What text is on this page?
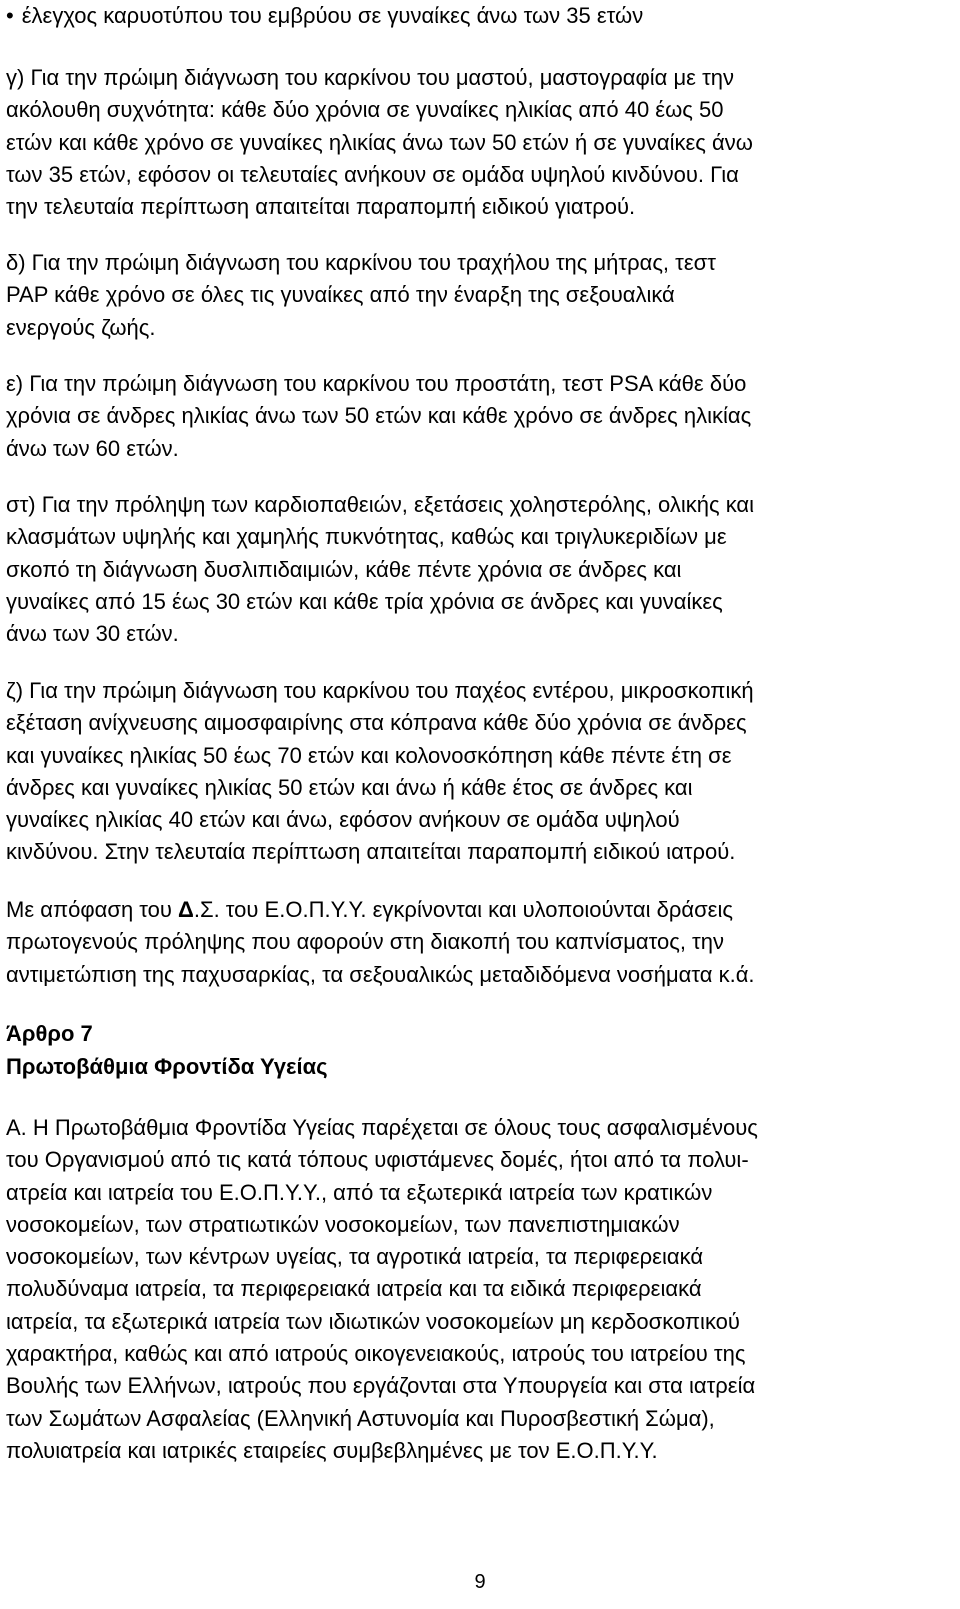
• έλεγχος καρυοτύπου του εμβρύου σε γυναίκες άνω των 35 ετών

γ) Για την πρώιμη διάγνωση του καρκίνου του μαστού, μαστογραφία με την
ακόλουθη συχνότητα: κάθε δύο χρόνια σε γυναίκες ηλικίας από 40 έως 50
ετών και κάθε χρόνο σε γυναίκες ηλικίας άνω των 50 ετών ή σε γυναίκες άνω
των 35 ετών, εφόσον οι τελευταίες ανήκουν σε ομάδα υψηλού κινδύνου. Για
την τελευταία περίπτωση απαιτείται παραπομπή ειδικού γιατρού.

δ) Για την πρώιμη διάγνωση του καρκίνου του τραχήλου της μήτρας, τεστ
PAP κάθε χρόνο σε όλες τις γυναίκες από την έναρξη της σεξουαλικά
ενεργούς ζωής.

ε) Για την πρώιμη διάγνωση του καρκίνου του προστάτη, τεστ PSA κάθε δύο
χρόνια σε άνδρες ηλικίας άνω των 50 ετών και κάθε χρόνο σε άνδρες ηλικίας
άνω των 60 ετών.

στ) Για την πρόληψη των καρδιοπαθειών, εξετάσεις χοληστερόλης, ολικής και
κλασμάτων υψηλής και χαμηλής πυκνότητας, καθώς και τριγλυκεριδίων με
σκοπό τη διάγνωση δυσλιπιδαιμιών, κάθε πέντε χρόνια σε άνδρες και
γυναίκες από 15 έως 30 ετών και κάθε τρία χρόνια σε άνδρες και γυναίκες
άνω των 30 ετών.

ζ) Για την πρώιμη διάγνωση του καρκίνου του παχέος εντέρου, μικροσκοπική
εξέταση ανίχνευσης αιμοσφαιρίνης στα κόπρανα κάθε δύο χρόνια σε άνδρες
και γυναίκες ηλικίας 50 έως 70 ετών και κολονοσκόπηση κάθε πέντε έτη σε
άνδρες και γυναίκες ηλικίας 50 ετών και άνω ή κάθε έτος σε άνδρες και
γυναίκες ηλικίας 40 ετών και άνω, εφόσον ανήκουν σε ομάδα υψηλού
κινδύνου. Στην τελευταία περίπτωση απαιτείται παραπομπή ειδικού ιατρού.

Με απόφαση του Δ.Σ. του Ε.Ο.Π.Υ.Υ. εγκρίνονται και υλοποιούνται δράσεις
πρωτογενούς πρόληψης που αφορούν στη διακοπή του καπνίσματος, την
αντιμετώπιση της παχυσαρκίας, τα σεξουαλικώς μεταδιδόμενα νοσήματα κ.ά.

Άρθρο 7
Πρωτοβάθμια Φροντίδα Υγείας

Α. Η Πρωτοβάθμια Φροντίδα Υγείας παρέχεται σε όλους τους ασφαλισμένους
του Οργανισμού από τις κατά τόπους υφιστάμενες δομές, ήτοι από τα πολυι-
ατρεία και ιατρεία του Ε.Ο.Π.Υ.Υ., από τα εξωτερικά ιατρεία των κρατικών
νοσοκομείων, των στρατιωτικών νοσοκομείων, των πανεπιστημιακών
νοσοκομείων, των κέντρων υγείας, τα αγροτικά ιατρεία, τα περιφερειακά
πολυδύναμα ιατρεία, τα περιφερειακά ιατρεία και τα ειδικά περιφερειακά
ιατρεία, τα εξωτερικά ιατρεία των ιδιωτικών νοσοκομείων μη κερδοσκοπικού
χαρακτήρα, καθώς και από ιατρούς οικογενειακούς, ιατρούς του ιατρείου της
Βουλής των Ελλήνων, ιατρούς που εργάζονται στα Υπουργεία και στα ιατρεία
των Σωμάτων Ασφαλείας (Ελληνική Αστυνομία και Πυροσβεστική Σώμα),
πολυιατρεία και ιατρικές εταιρείες συμβεβλημένες με τον Ε.Ο.Π.Υ.Υ.

9
